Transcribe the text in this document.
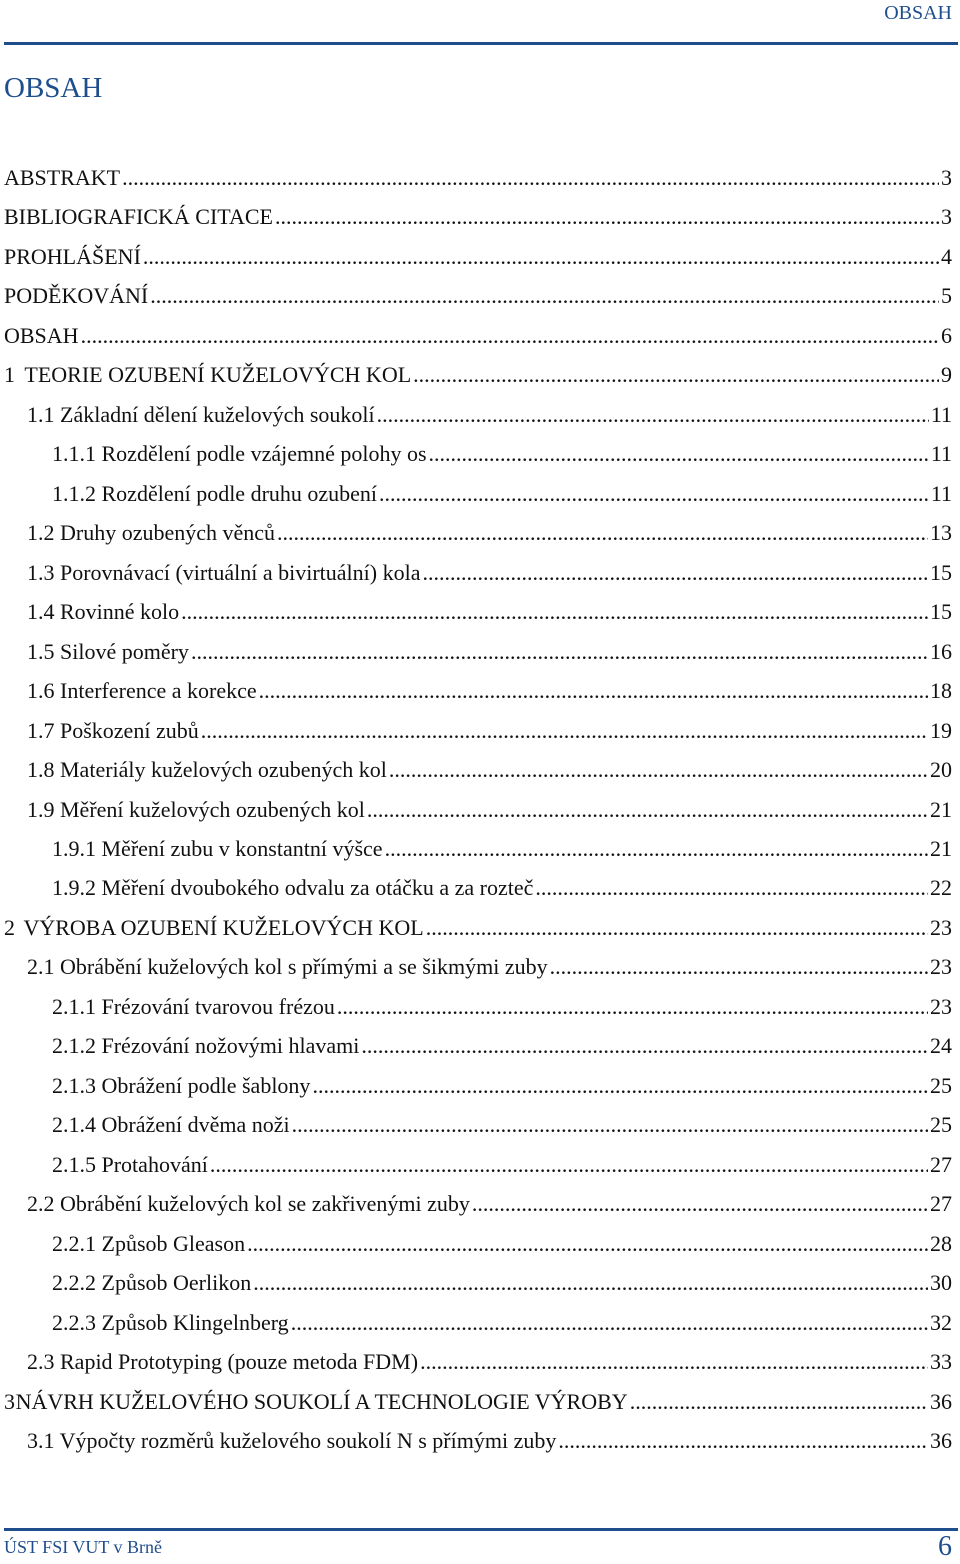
OBSAH
OBSAH
ABSTRAKT .....	3
BIBLIOGRAFICKÁ CITACE .....	3
PROHLÁŠENÍ .....	4
PODĚKOVÁNÍ .....	5
OBSAH .....	6
1 TEORIE OZUBENÍ KUŽELOVÝCH KOL .....	9
1.1 Základní dělení kuželových soukolí .....	11
1.1.1 Rozdělení podle vzájemné polohy os .....	11
1.1.2 Rozdělení podle druhu ozubení .....	11
1.2 Druhy ozubených věnců .....	13
1.3 Porovnávací (virtuální a bivirtuální) kola .....	15
1.4 Rovinné kolo .....	15
1.5 Silové poměry .....	16
1.6 Interference a korekce .....	18
1.7 Poškození zubů .....	19
1.8 Materiály kuželových ozubených kol .....	20
1.9 Měření kuželových ozubených kol .....	21
1.9.1 Měření zubu v konstantní výšce .....	21
1.9.2 Měření dvoubokého odvalu za otáčku a za rozteč .....	22
2 VÝROBA OZUBENÍ KUŽELOVÝCH KOL .....	23
2.1 Obrábění kuželových kol s přímými a se šikmými zuby .....	23
2.1.1 Frézování tvarovou frézou .....	23
2.1.2 Frézování nožovými hlavami .....	24
2.1.3 Obrážení podle šablony .....	25
2.1.4 Obrážení dvěma noži .....	25
2.1.5 Protahování .....	27
2.2 Obrábění kuželových kol se zakřivenými zuby .....	27
2.2.1 Způsob Gleason .....	28
2.2.2 Způsob Oerlikon .....	30
2.2.3 Způsob Klingelnberg .....	32
2.3 Rapid Prototyping (pouze metoda FDM) .....	33
3 NÁVRH KUŽELOVÉHO SOUKOLÍ A TECHNOLOGIE VÝROBY .....	36
3.1 Výpočty rozměrů kuželového soukolí N s přímými zuby .....	36
ÚST FSI VUT v Brně	6
